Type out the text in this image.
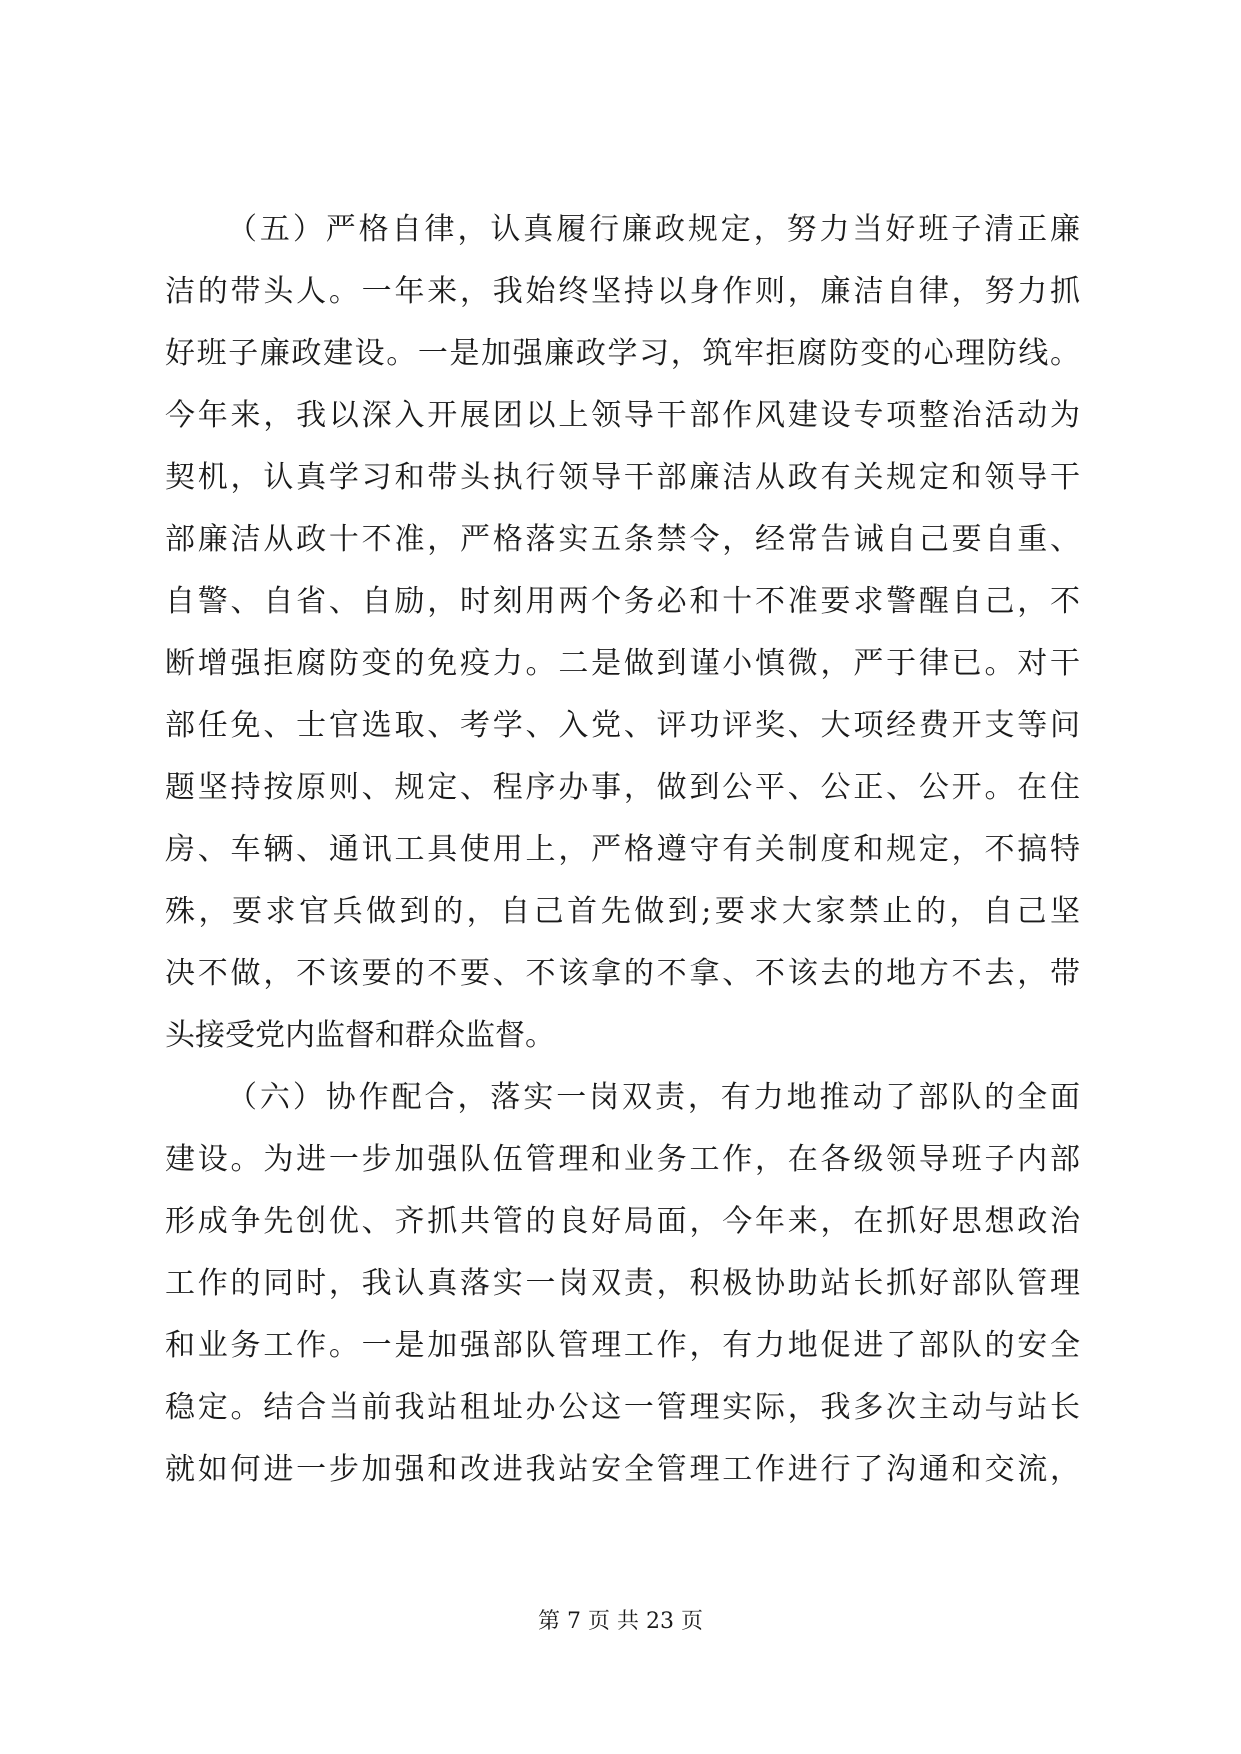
（五）严格自律，认真履行廉政规定，努力当好班子清正廉
洁的带头人。一年来，我始终坚持以身作则，廉洁自律，努力抓
好班子廉政建设。一是加强廉政学习，筑牢拒腐防变的心理防线。
今年来，我以深入开展团以上领导干部作风建设专项整治活动为
契机，认真学习和带头执行领导干部廉洁从政有关规定和领导干
部廉洁从政十不准，严格落实五条禁令，经常告诫自己要自重、
自警、自省、自励，时刻用两个务必和十不准要求警醒自己，不
断增强拒腐防变的免疫力。二是做到谨小慎微，严于律已。对干
部任免、士官选取、考学、入党、评功评奖、大项经费开支等问
题坚持按原则、规定、程序办事，做到公平、公正、公开。在住
房、车辆、通讯工具使用上，严格遵守有关制度和规定，不搞特
殊，要求官兵做到的，自己首先做到;要求大家禁止的，自己坚
决不做，不该要的不要、不该拿的不拿、不该去的地方不去，带
头接受党内监督和群众监督。
（六）协作配合，落实一岗双责，有力地推动了部队的全面
建设。为进一步加强队伍管理和业务工作，在各级领导班子内部
形成争先创优、齐抓共管的良好局面，今年来，在抓好思想政治
工作的同时，我认真落实一岗双责，积极协助站长抓好部队管理
和业务工作。一是加强部队管理工作，有力地促进了部队的安全
稳定。结合当前我站租址办公这一管理实际，我多次主动与站长
就如何进一步加强和改进我站安全管理工作进行了沟通和交流，
第 7 页 共 23 页
